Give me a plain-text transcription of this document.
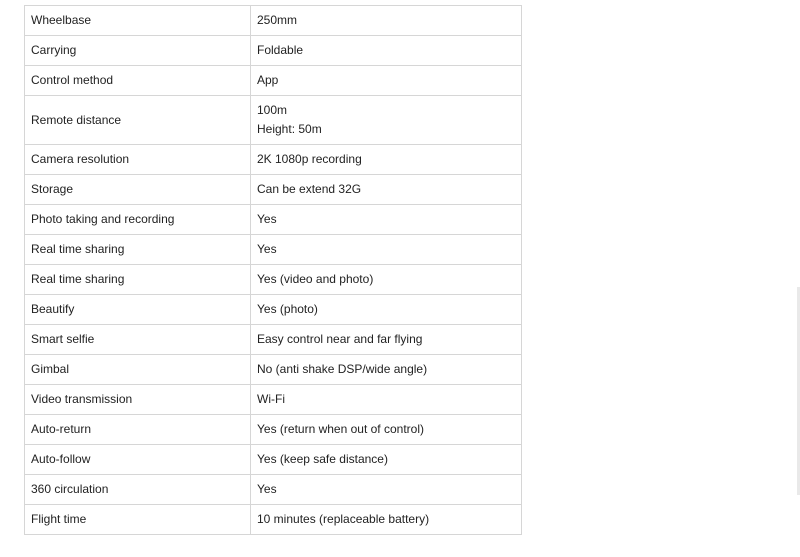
Wheelbase	250mm
Carrying	Foldable
Control method	App
Remote distance	100m
Height: 50m

Camera resolution	2K 1080p recording
Storage	Can be extend 32G
Photo taking and recording	Yes
Real time sharing	Yes
Real time sharing	Yes (video and photo)
Beautify	Yes (photo)
Smart selfie	Easy control near and far flying
Gimbal	No (anti shake DSP/wide angle)
Video transmission	Wi-Fi
Auto-return	Yes (return when out of control)
Auto-follow	Yes (keep safe distance)
360 circulation	Yes
Flight time	10 minutes (replaceable battery)
